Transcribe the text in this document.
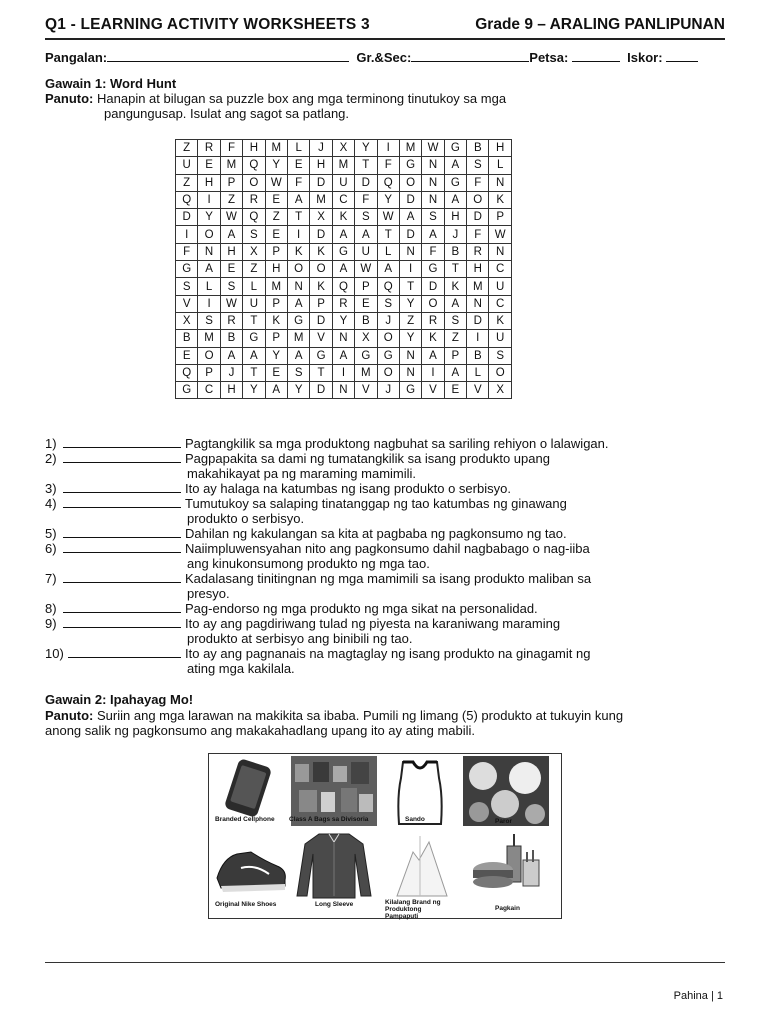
Q1 - LEARNING ACTIVITY WORKSHEETS 3	Grade 9 – ARALING PANLIPUNAN
Pangalan:	Gr.&Sec:	Petsa:	Iskor:
Gawain 1: Word Hunt
Panuto: Hanapin at bilugan sa puzzle box ang mga terminong tinutukoy sa mga
pangungusap. Isulat ang sagot sa patlang.
Z	R	F	H	M	L	J	X	Y	I	M	W	G	B	H
U	E	M	Q	Y	E	H	M	T	F	G	N	A	S	L
Z	H	P	O	W	F	D	U	D	Q	O	N	G	F	N
Q	I	Z	R	E	A	M	C	F	Y	D	N	A	O	K
D	Y	W	Q	Z	T	X	K	S	W	A	S	H	D	P
I	O	A	S	E	I	D	A	A	T	D	A	J	F	W
F	N	H	X	P	K	K	G	U	L	N	F	B	R	N
G	A	E	Z	H	O	O	A	W	A	I	G	T	H	C
S	L	S	L	M	N	K	Q	P	Q	T	D	K	M	U
V	I	W	U	P	A	P	R	E	S	Y	O	A	N	C
X	S	R	T	K	G	D	Y	B	J	Z	R	S	D	K
B	M	B	G	P	M	V	N	X	O	Y	K	Z	I	U
E	O	A	A	Y	A	G	A	G	G	N	A	P	B	S
Q	P	J	T	E	S	T	I	M	O	N	I	A	L	O
G	C	H	Y	A	Y	D	N	V	J	G	V	E	V	X
1)	Pagtangkilik sa mga produktong nagbuhat sa sariling rehiyon o lalawigan.
2)	Pagpapakita sa dami ng tumatangkilik sa isang produkto upang
makahikayat pa ng maraming mamimili.
3)	Ito ay halaga na katumbas ng isang produkto o serbisyo.
4)	Tumutukoy sa salaping tinatanggap ng tao katumbas ng ginawang
produkto o serbisyo.
5)	Dahilan ng kakulangan sa kita at pagbaba ng pagkonsumo ng tao.
6)	Naiimpluwensyahan nito ang pagkonsumo dahil nagbabago o nag-iiba
ang kinukonsumong produkto ng mga tao.
7)	Kadalasang tinitingnan ng mga mamimili sa isang produkto maliban sa
presyo.
8)	Pag-endorso ng mga produkto ng mga sikat na personalidad.
9)	Ito ay ang pagdiriwang tulad ng piyesta na karaniwang maraming
produkto at serbisyo ang binibili ng tao.
10)	Ito ay ang pagnanais na magtaglay ng isang produkto na ginagamit ng
ating mga kakilala.
Gawain 2: Ipahayag Mo!
Panuto: Suriin ang mga larawan na makikita sa ibaba. Pumili ng limang (5) produkto at tukuyin kung
anong salik ng pagkonsumo ang makakahadlang upang ito ay ating mabili.
Branded Cellphone Class A Bags sa Divisoria	Sando	Paror
Original Nike Shoes	Long Sleeve	Kilalang Brand ng Produktong Pampaputi
Pagkain
Pahina | 1
